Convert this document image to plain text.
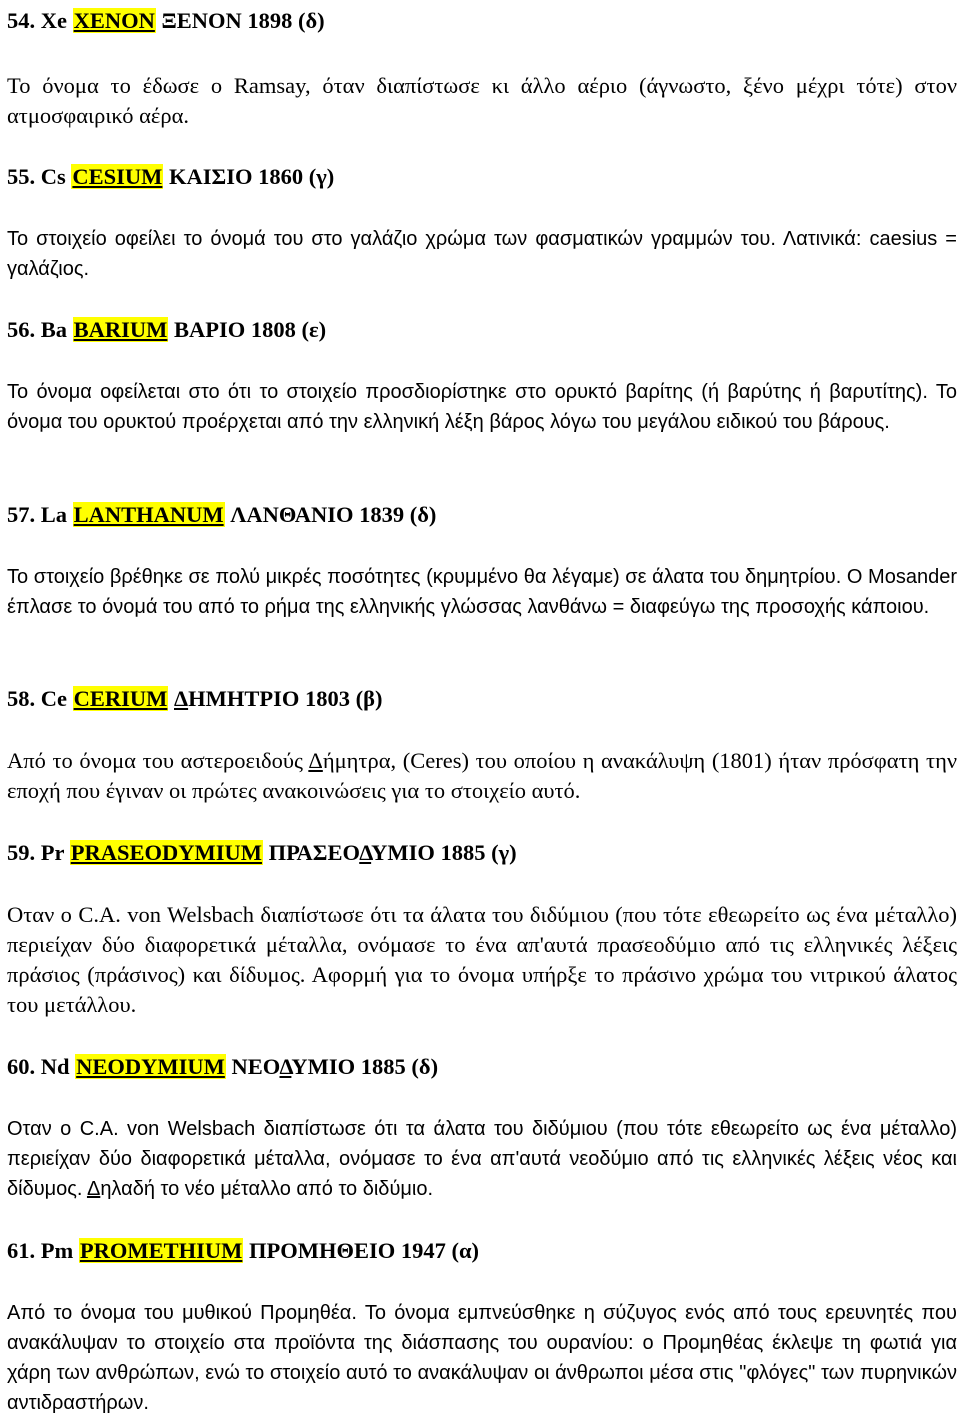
54. Xe XENON ΞΕΝΟΝ 1898 (δ)
Το όνομα το έδωσε ο Ramsay, όταν διαπίστωσε κι άλλο αέριο (άγνωστο, ξένο μέχρι τότε) στον ατμοσφαιρικό αέρα.
55. Cs CESIUM ΚΑΙΣΙΟ 1860 (γ)
Το στοιχείο οφείλει το όνομά του στο γαλάζιο χρώμα των φασματικών γραμμών του. Λατινικά: caesius = γαλάζιος.
56. Ba BARIUM ΒΑΡΙΟ 1808 (ε)
Το όνομα οφείλεται στο ότι το στοιχείο προσδιορίστηκε στο ορυκτό βαρίτης (ή βαρύτης ή βαρυτίτης). Το όνομα του ορυκτού προέρχεται από την ελληνική λέξη βάρος λόγω του μεγάλου ειδικού του βάρους.
57. La LANTHANUM ΛΑΝΘΑΝΙΟ 1839 (δ)
Το στοιχείο βρέθηκε σε πολύ μικρές ποσότητες (κρυμμένο θα λέγαμε) σε άλατα του δημητρίου. Ο Mosander έπλασε το όνομά του από το ρήμα της ελληνικής γλώσσας λανθάνω = διαφεύγω της προσοχής κάποιου.
58. Ce CERIUM ΔΗΜΗΤΡΙΟ 1803 (β)
Από το όνομα του αστεροειδούς Δήμητρα, (Ceres) του οποίου η ανακάλυψη (1801) ήταν πρόσφατη την εποχή που έγιναν οι πρώτες ανακοινώσεις για το στοιχείο αυτό.
59. Pr PRASEODYMIUM ΠΡΑΣΕΟΔΥΜΙΟ 1885 (γ)
Οταν ο C.A. von Welsbach διαπίστωσε ότι τα άλατα του διδύμιου (που τότε εθεωρείτο ως ένα μέταλλο) περιείχαν δύο διαφορετικά μέταλλα, ονόμασε το ένα απ'αυτά πρασεοδύμιο από τις ελληνικές λέξεις πράσιος (πράσινος) και δίδυμος. Αφορμή για το όνομα υπήρξε το πράσινο χρώμα του νιτρικού άλατος του μετάλλου.
60. Nd NEODYMIUM ΝΕΟΔΥΜΙΟ 1885 (δ)
Οταν ο C.A. von Welsbach διαπίστωσε ότι τα άλατα του διδύμιου (που τότε εθεωρείτο ως ένα μέταλλο) περιείχαν δύο διαφορετικά μέταλλα, ονόμασε το ένα απ'αυτά νεοδύμιο από τις ελληνικές λέξεις νέος και δίδυμος. Δηλαδή το νέο μέταλλο από το διδύμιο.
61. Pm PROMETHIUM ΠΡΟΜΗΘΕΙΟ 1947 (α)
Από το όνομα του μυθικού Προμηθέα. Το όνομα εμπνεύσθηκε η σύζυγος ενός από τους ερευνητές που ανακάλυψαν το στοιχείο στα προϊόντα της διάσπασης του ουρανίου: ο Προμηθέας έκλεψε τη φωτιά για χάρη των ανθρώπων, ενώ το στοιχείο αυτό το ανακάλυψαν οι άνθρωποι μέσα στις "φλόγες" των πυρηνικών αντιδραστήρων.
